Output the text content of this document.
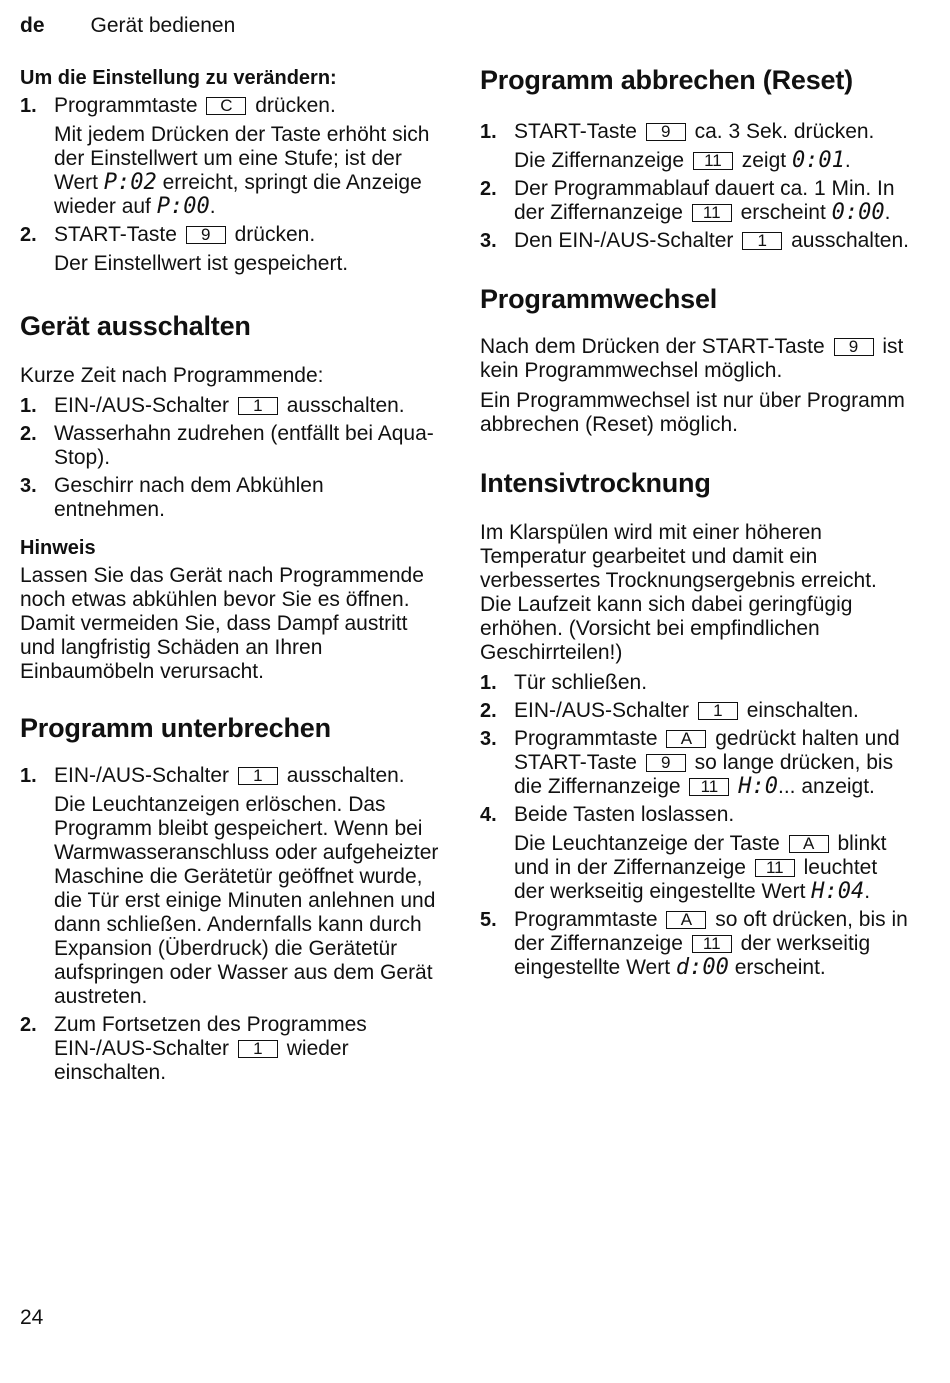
de Gerät bedienen
Um die Einstellung zu verändern:
1. Programmtaste C drücken.
Mit jedem Drücken der Taste erhöht sich der Einstellwert um eine Stufe; ist der Wert P:02 erreicht, springt die Anzeige wieder auf P:00.
2. START-Taste 9 drücken.
Der Einstellwert ist gespeichert.
Gerät ausschalten
Kurze Zeit nach Programmende:
1. EIN-/AUS-Schalter 1 ausschalten.
2. Wasserhahn zudrehen (entfällt bei Aqua-Stop).
3. Geschirr nach dem Abkühlen entnehmen.
Hinweis
Lassen Sie das Gerät nach Programmende noch etwas abkühlen bevor Sie es öffnen. Damit vermeiden Sie, dass Dampf austritt und langfristig Schäden an Ihren Einbaumöbeln verursacht.
Programm unterbrechen
1. EIN-/AUS-Schalter 1 ausschalten.
Die Leuchtanzeigen erlöschen. Das Programm bleibt gespeichert. Wenn bei Warmwasseranschluss oder aufgeheizter Maschine die Gerätetür geöffnet wurde, die Tür erst einige Minuten anlehnen und dann schließen. Andernfalls kann durch Expansion (Überdruck) die Gerätetür aufspringen oder Wasser aus dem Gerät austreten.
2. Zum Fortsetzen des Programmes EIN-/AUS-Schalter 1 wieder einschalten.
Programm abbrechen (Reset)
1. START-Taste 9 ca. 3 Sek. drücken.
Die Ziffernanzeige 11 zeigt 0:01.
2. Der Programmablauf dauert ca. 1 Min. In der Ziffernanzeige 11 erscheint 0:00.
3. Den EIN-/AUS-Schalter 1 ausschalten.
Programmwechsel
Nach dem Drücken der START-Taste 9 ist kein Programmwechsel möglich.
Ein Programmwechsel ist nur über Programm abbrechen (Reset) möglich.
Intensivtrocknung
Im Klarspülen wird mit einer höheren Temperatur gearbeitet und damit ein verbessertes Trocknungsergebnis erreicht. Die Laufzeit kann sich dabei geringfügig erhöhen. (Vorsicht bei empfindlichen Geschirrteilen!)
1. Tür schließen.
2. EIN-/AUS-Schalter 1 einschalten.
3. Programmtaste A gedrückt halten und START-Taste 9 so lange drücken, bis die Ziffernanzeige 11 H:0... anzeigt.
4. Beide Tasten loslassen.
Die Leuchtanzeige der Taste A blinkt und in der Ziffernanzeige 11 leuchtet der werkseitig eingestellte Wert H:04.
5. Programmtaste A so oft drücken, bis in der Ziffernanzeige 11 der werkseitig eingestellte Wert d:00 erscheint.
24
